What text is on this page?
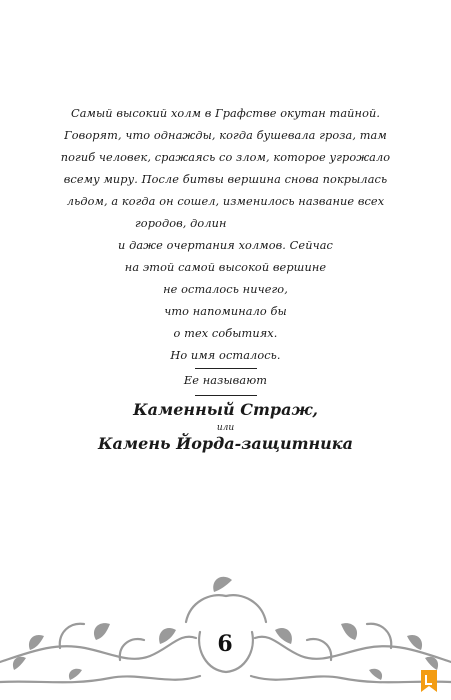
Самый высокий холм в Графстве окутан тайной.
Говорят, что однажды, когда бушевала гроза, там
погиб человек, сражаясь со злом, которое угрожало
всему миру. После битвы вершина снова покрылась
льдом, а когда он сошел, изменилось название всех
городов, долин
и даже очертания холмов. Сейчас
на этой самой высокой вершине
не осталось ничего,
что напоминало бы
о тех событиях.
Но имя осталось.
Ее называют
Каменный Страж,
или
Камень Йорда-защитника
6
